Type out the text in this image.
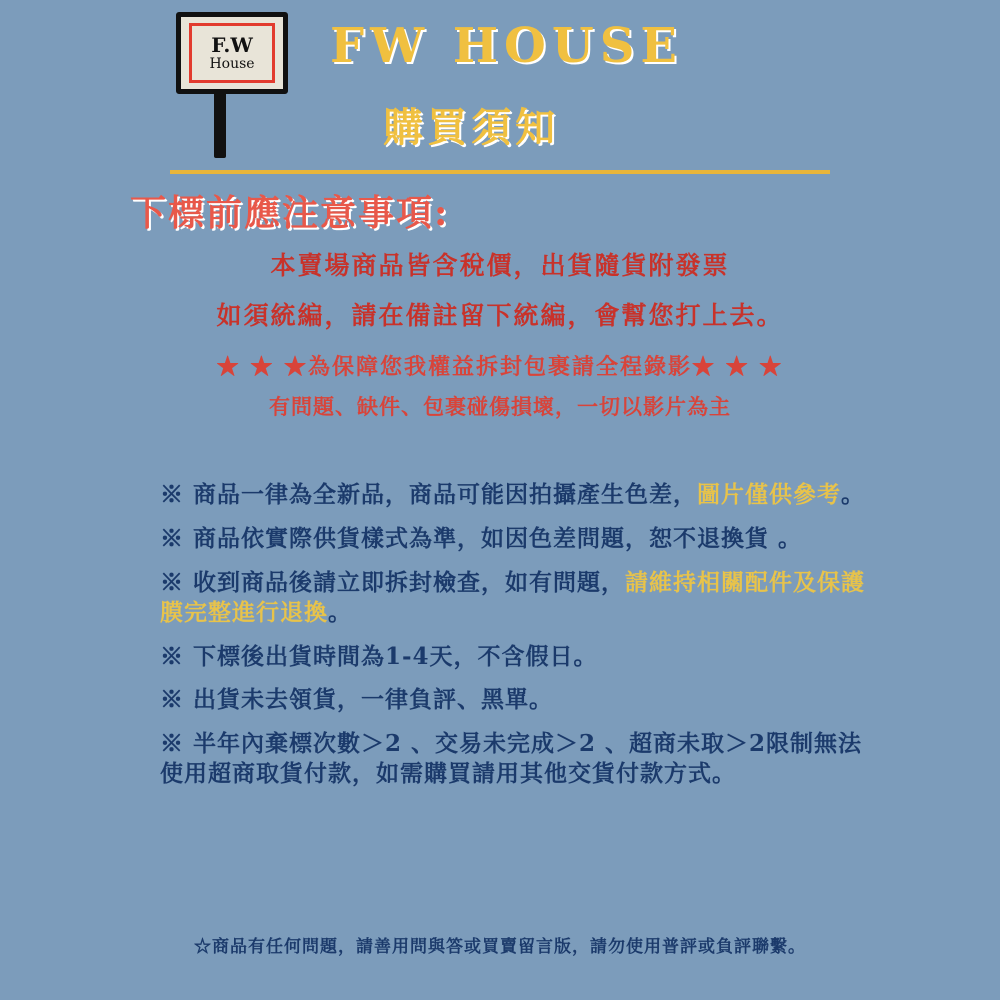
F.W
House FW HOUSE
購買須知
下標前應注意事項:
本賣場商品皆含稅價，出貨隨貨附發票
如須統編，請在備註留下統編，會幫您打上去。
★ ★ ★為保障您我權益拆封包裹請全程錄影★ ★ ★
有問題、缺件、包裹碰傷損壞，一切以影片為主

※ 商品一律為全新品，商品可能因拍攝產生色差，圖片僅供參考。

※ 商品依實際供貨樣式為準，如因色差問題，恕不退換貨 。

※ 收到商品後請立即拆封檢查，如有問題，請維持相關配件及保護膜完整進行退換。

※ 下標後出貨時間為1-4天，不含假日。

※ 出貨未去領貨，一律負評、黑單。

※ 半年內棄標次數＞2 、交易未完成＞2 、超商未取＞2限制無法使用超商取貨付款，如需購買請用其他交貨付款方式。

☆商品有任何問題，請善用問與答或買賣留言版，請勿使用普評或負評聯繫。
